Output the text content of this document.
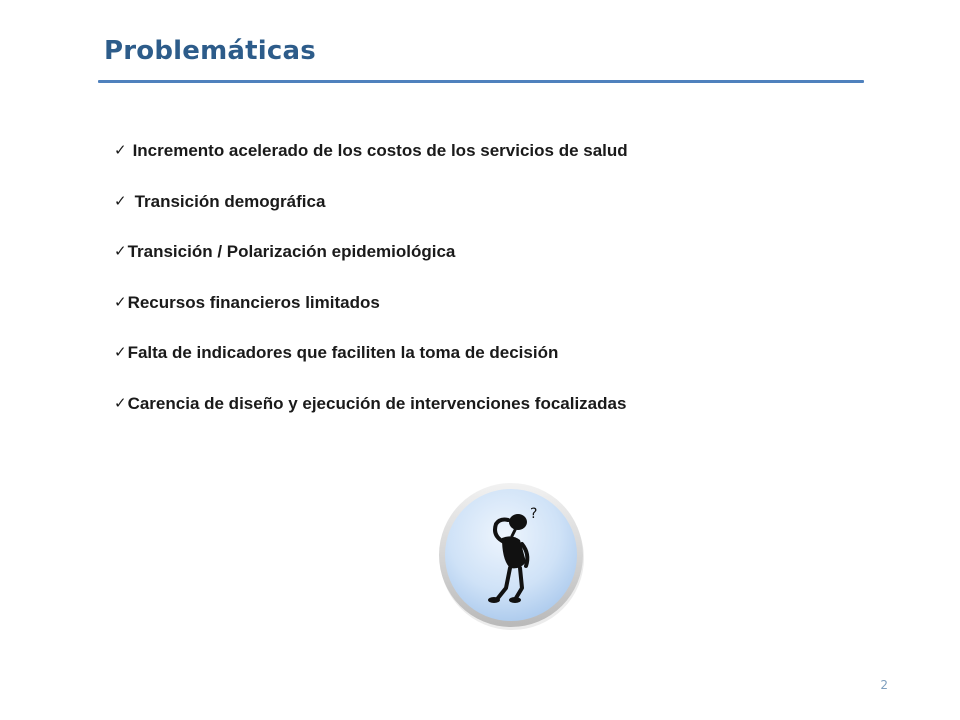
Problemáticas
✓ Incremento acelerado de los costos de los servicios de salud
✓ Transición demográfica
✓ Transición / Polarización epidemiológica
✓ Recursos financieros limitados
✓ Falta de indicadores que faciliten la toma de decisión
✓ Carencia de diseño y ejecución de intervenciones focalizadas
?
2
